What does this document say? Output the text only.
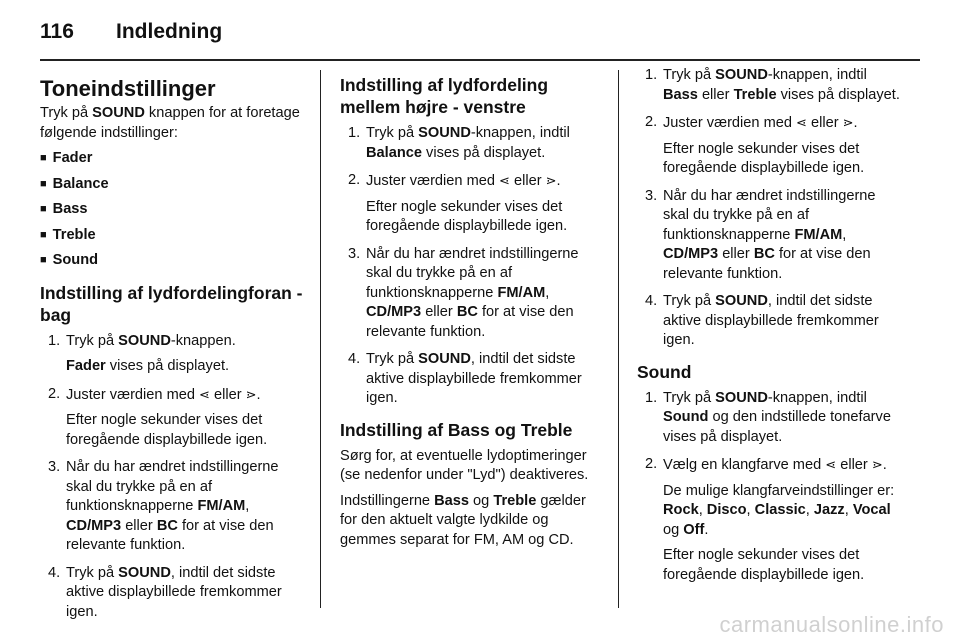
116 Indledning
Toneindstillinger

Tryk på SOUND knappen for at foretage følgende indstillinger:

■ Fader
■ Balance
■ Bass
■ Treble
■ Sound
Indstilling af lydfordelingforan - bag
1. Tryk på SOUND-knappen.
Fader vises på displayet.
2. Juster værdien med ⋖ eller ⋗.
Efter nogle sekunder vises det foregående displaybillede igen.
3. Når du har ændret indstillingerne skal du trykke på en af funktionsknapperne FM/AM, CD/MP3 eller BC for at vise den relevante funktion.
4. Tryk på SOUND, indtil det sidste aktive displaybillede fremkommer igen.
Indstilling af lydfordeling mellem højre - venstre
1. Tryk på SOUND-knappen, indtil Balance vises på displayet.
2. Juster værdien med ⋖ eller ⋗.
Efter nogle sekunder vises det foregående displaybillede igen.
3. Når du har ændret indstillingerne skal du trykke på en af funktionsknapperne FM/AM, CD/MP3 eller BC for at vise den relevante funktion.
4. Tryk på SOUND, indtil det sidste aktive displaybillede fremkommer igen.
Indstilling af Bass og Treble

Sørg for, at eventuelle lydoptimeringer (se nedenfor under "Lyd") deaktiveres.

Indstillingerne Bass og Treble gælder for den aktuelt valgte lydkilde og gemmes separat for FM, AM og CD.

1. Tryk på SOUND-knappen, indtil Bass eller Treble vises på displayet.
2. Juster værdien med ⋖ eller ⋗.
Efter nogle sekunder vises det foregående displaybillede igen.
3. Når du har ændret indstillingerne skal du trykke på en af funktionsknapperne FM/AM, CD/MP3 eller BC for at vise den relevante funktion.
4. Tryk på SOUND, indtil det sidste aktive displaybillede fremkommer igen.
Sound
1. Tryk på SOUND-knappen, indtil Sound og den indstillede tonefarve vises på displayet.
2. Vælg en klangfarve med ⋖ eller ⋗.
De mulige klangfarveindstillinger er: Rock, Disco, Classic, Jazz, Vocal og Off.
Efter nogle sekunder vises det foregående displaybillede igen.
carmanualsonline.info
